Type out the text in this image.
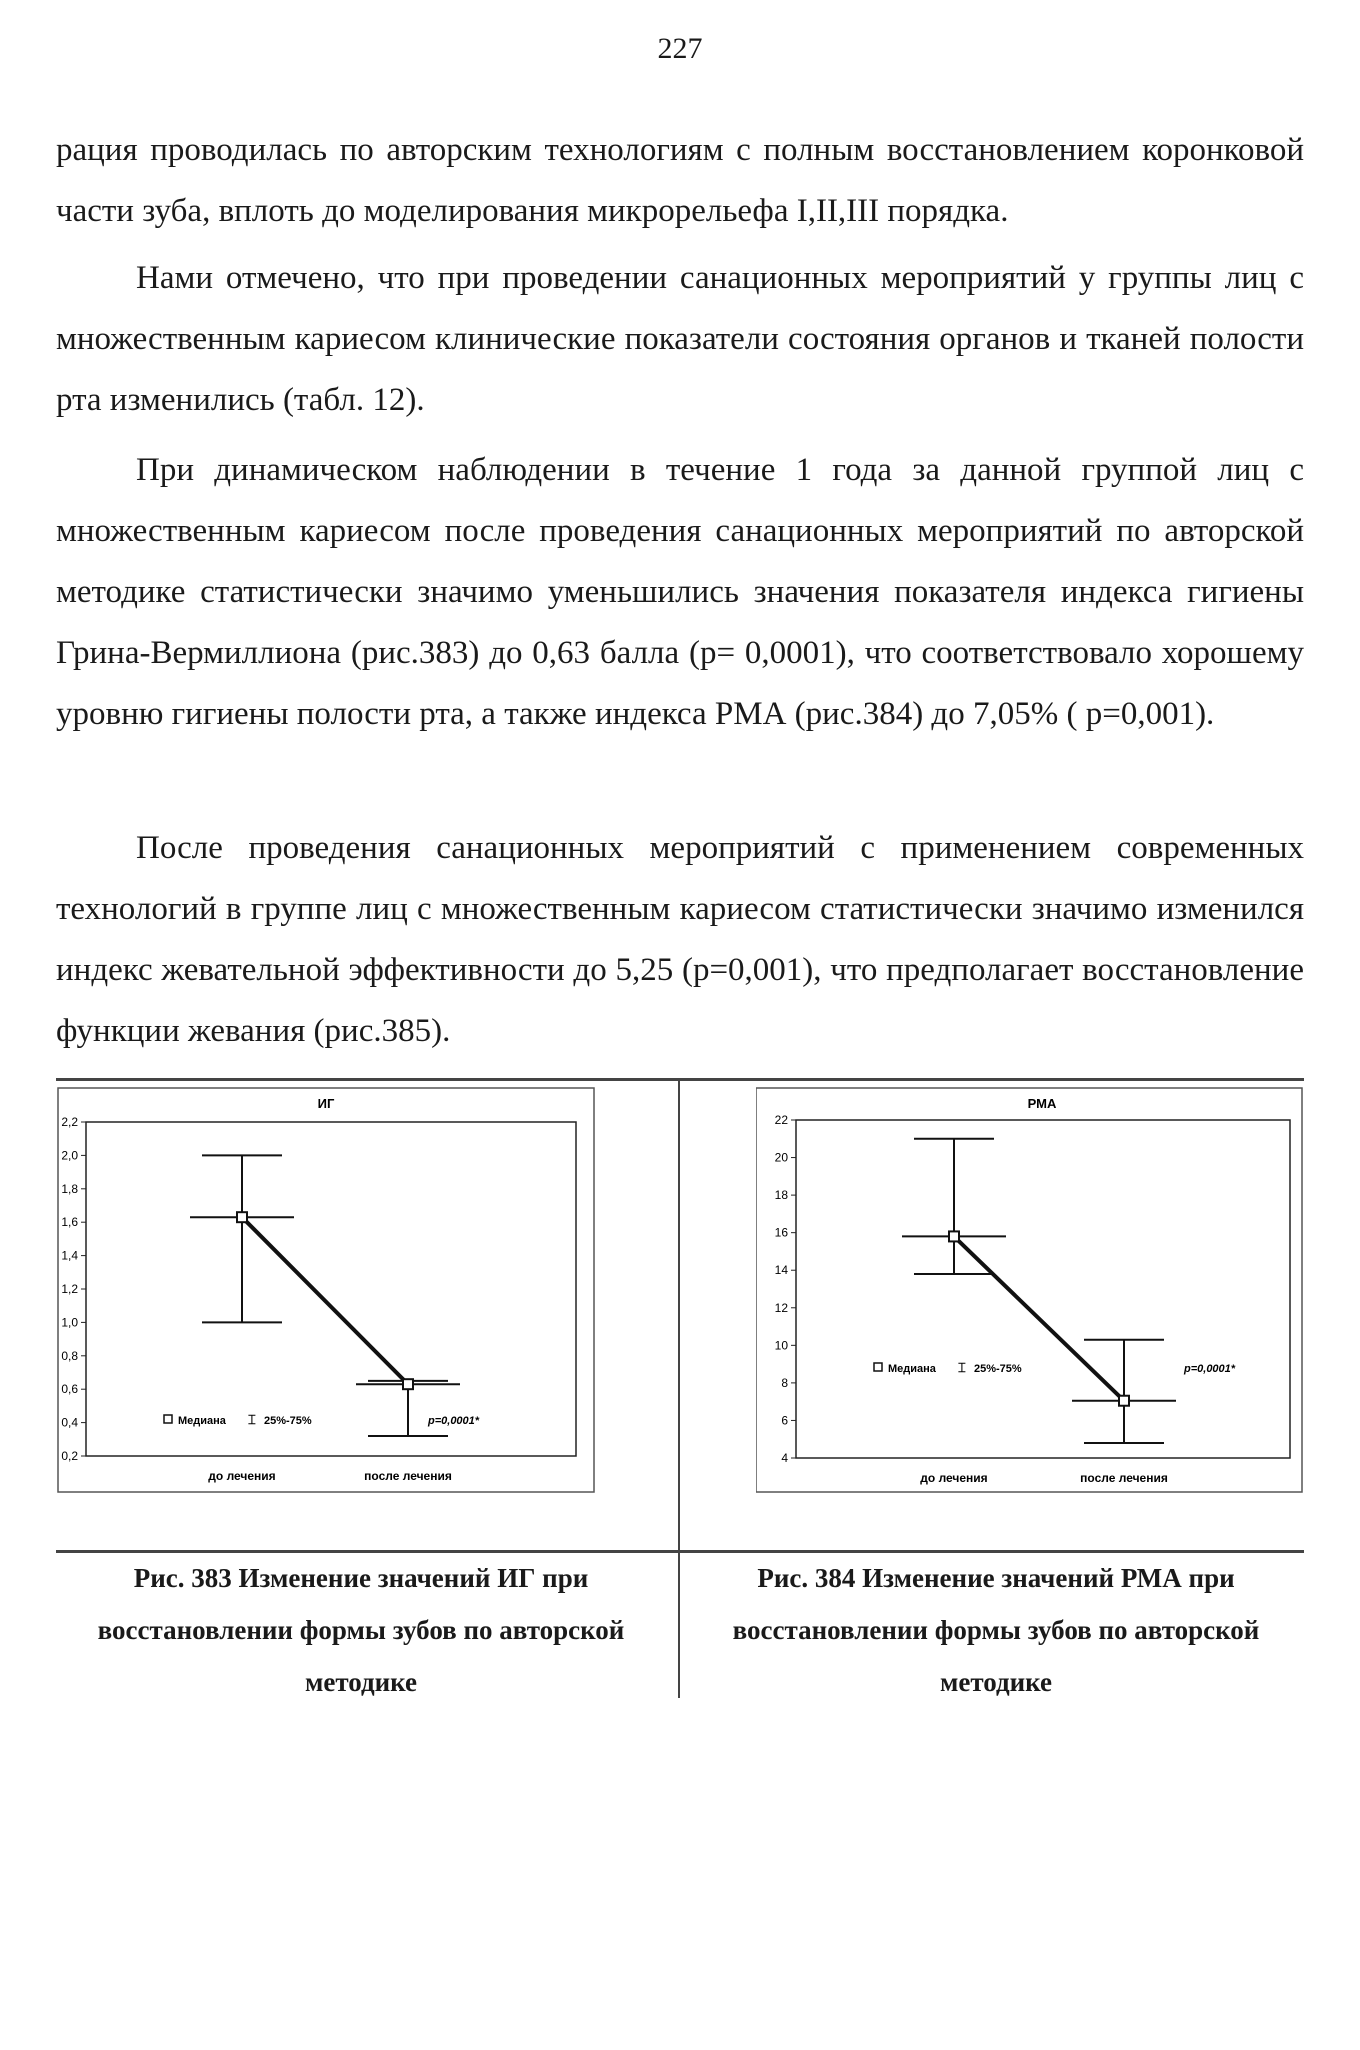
227

рация проводилась по авторским технологиям с полным восстановлением коронковой части зуба, вплоть до моделирования микрорельефа I,II,III порядка.

Нами отмечено, что при проведении санационных мероприятий у группы лиц с множественным кариесом клинические показатели состояния органов и тканей полости рта изменились (табл. 12).

При динамическом наблюдении в течение 1 года за данной группой лиц с множественным кариесом после проведения санационных мероприятий по авторской методике статистически значимо уменьшились значения показателя индекса гигиены Грина-Вермиллиона (рис.383) до 0,63 балла (p= 0,0001), что соответствовало хорошему уровню гигиены полости рта, а также индекса РМА (рис.384) до 7,05% ( p=0,001).

После проведения санационных мероприятий с применением современных технологий в группе лиц с множественным кариесом статистически значимо изменился индекс жевательной эффективности до 5,25 (p=0,001), что предполагает восстановление функции жевания (рис.385).

ИГ
2,2
2,0
1,8
1,6
1,4
1,2
1,0
0,8
0,6
0,4
0,2
до лечения	после лечения
Медиана ⌶ 25%-75%	p=0,0001*
РМА
22
20
18
16
14
12
10
8
6
4
до лечения	после лечения
Медиана ⌶ 25%-75%	p=0,0001*
Рис. 383 Изменение значений ИГ при восстановлении формы зубов по авторской методике
Рис. 384 Изменение значений РМА при восстановлении формы зубов по авторской методике
